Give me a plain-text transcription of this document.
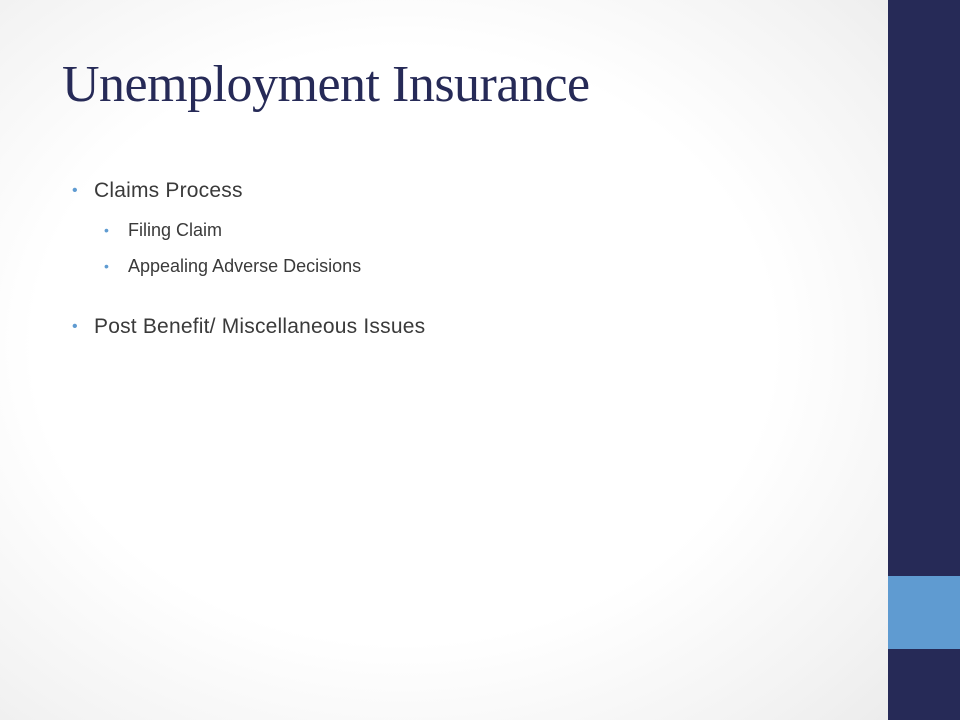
Unemployment Insurance
• Claims Process
• Filing Claim
• Appealing Adverse Decisions
• Post Benefit/ Miscellaneous Issues
